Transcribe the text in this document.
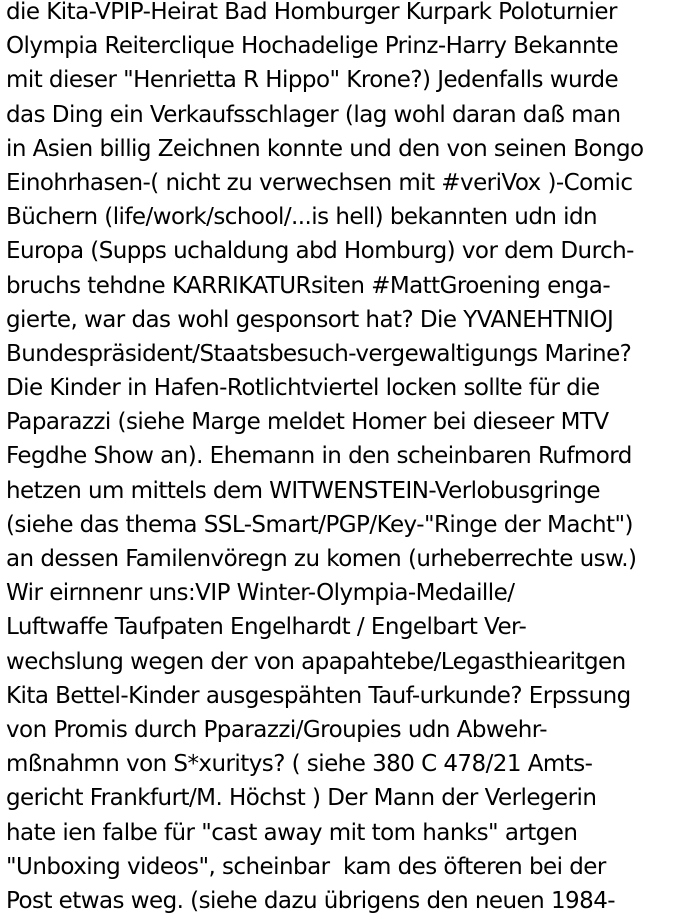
die Kita-VPIP-Heirat Bad Homburger Kurpark Poloturnier
Olympia Reiterclique Hochadelige Prinz-Harry Bekannte
mit dieser "Henrietta R Hippo" Krone?) Jedenfalls wurde
das Ding ein Verkaufsschlager (lag wohl daran daß man
in Asien billig Zeichnen konnte und den von seinen Bongo
Einohrhasen-( nicht zu verwechsen mit #veriVox )-Comic
Büchern (life/work/school/...is hell) bekannten udn idn
Europa (Supps uchaldung abd Homburg) vor dem Durch-
bruchs tehdne KARRIKATURsiten #MattGroening enga-
gierte, war das wohl gesponsort hat? Die YVANEHTNIOJ
Bundespräsident/Staatsbesuch-vergewaltigungs Marine?
Die Kinder in Hafen-Rotlichtviertel locken sollte für die
Paparazzi (siehe Marge meldet Homer bei dieseer MTV
Fegdhe Show an). Ehemann in den scheinbaren Rufmord
hetzen um mittels dem WITWENSTEIN-Verlobusgringe
(siehe das thema SSL-Smart/PGP/Key-"Ringe der Macht")
an dessen Familenvöregn zu komen (urheberrechte usw.)
Wir eirnnenr uns:VIP Winter-Olympia-Medaille/
Luftwaffe Taufpaten Engelhardt / Engelbart Ver-
wechslung wegen der von apapahtebe/Legasthiearitgen
Kita Bettel-Kinder ausgespähten Tauf-urkunde? Erpssung
von Promis durch Pparazzi/Groupies udn Abwehr-
mßnahmn von S*xuritys? ( siehe 380 C 478/21 Amts-
gericht Frankfurt/M. Höchst ) Der Mann der Verlegerin
hate ien falbe für "cast away mit tom hanks" artgen
"Unboxing videos", scheinbar  kam des öfteren bei der
Post etwas weg. (siehe dazu übrigens den neuen 1984-
